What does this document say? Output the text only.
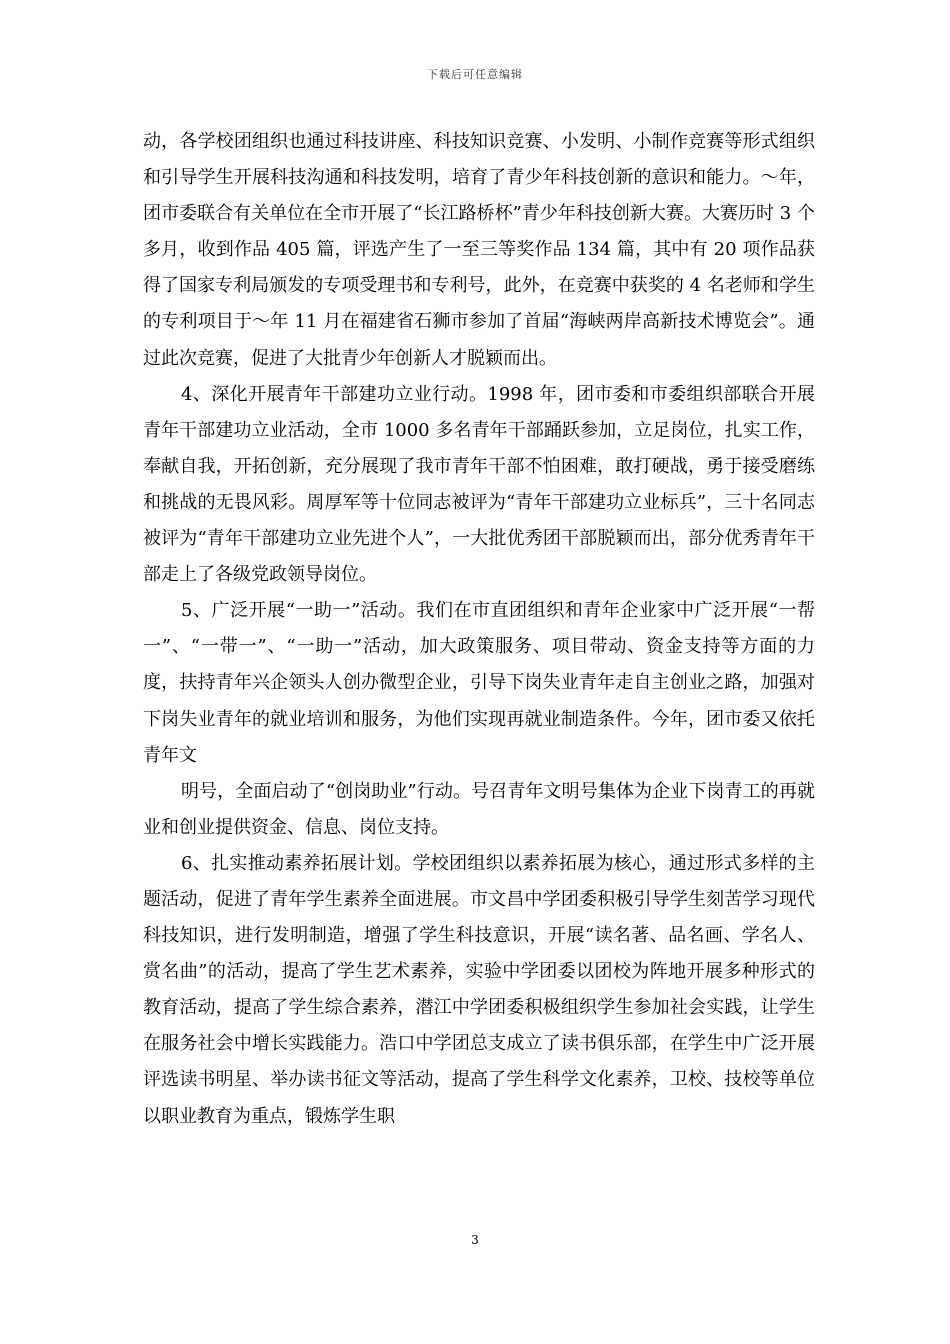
下载后可任意编辑

动，各学校团组织也通过科技讲座、科技知识竞赛、小发明、小制作竞赛等形式组织和引导学生开展科技沟通和科技发明，培育了青少年科技创新的意识和能力。～年，团市委联合有关单位在全市开展了“长江路桥杯”青少年科技创新大赛。大赛历时 3 个多月，收到作品 405 篇，评选产生了一至三等奖作品 134 篇，其中有 20 项作品获得了国家专利局颁发的专项受理书和专利号，此外，在竞赛中获奖的 4 名老师和学生的专利项目于～年 11 月在福建省石狮市参加了首届“海峡两岸高新技术博览会”。通过此次竞赛，促进了大批青少年创新人才脱颖而出。

4、深化开展青年干部建功立业行动。1998 年，团市委和市委组织部联合开展青年干部建功立业活动，全市 1000 多名青年干部踊跃参加，立足岗位，扎实工作，奉献自我，开拓创新，充分展现了我市青年干部不怕困难，敢打硬战，勇于接受磨练和挑战的无畏风彩。周厚军等十位同志被评为“青年干部建功立业标兵”，三十名同志被评为“青年干部建功立业先进个人”，一大批优秀团干部脱颖而出，部分优秀青年干部走上了各级党政领导岗位。

5、广泛开展“一助一”活动。我们在市直团组织和青年企业家中广泛开展“一帮一”、“一带一”、“一助一”活动，加大政策服务、项目带动、资金支持等方面的力度，扶持青年兴企领头人创办微型企业，引导下岗失业青年走自主创业之路，加强对下岗失业青年的就业培训和服务，为他们实现再就业制造条件。今年，团市委又依托青年文

明号，全面启动了“创岗助业”行动。号召青年文明号集体为企业下岗青工的再就业和创业提供资金、信息、岗位支持。

6、扎实推动素养拓展计划。学校团组织以素养拓展为核心，通过形式多样的主题活动，促进了青年学生素养全面进展。市文昌中学团委积极引导学生刻苦学习现代科技知识，进行发明制造，增强了学生科技意识，开展“读名著、品名画、学名人、赏名曲”的活动，提高了学生艺术素养，实验中学团委以团校为阵地开展多种形式的教育活动，提高了学生综合素养，潜江中学团委积极组织学生参加社会实践，让学生在服务社会中增长实践能力。浩口中学团总支成立了读书俱乐部，在学生中广泛开展评选读书明星、举办读书征文等活动，提高了学生科学文化素养，卫校、技校等单位以职业教育为重点，锻炼学生职

3
